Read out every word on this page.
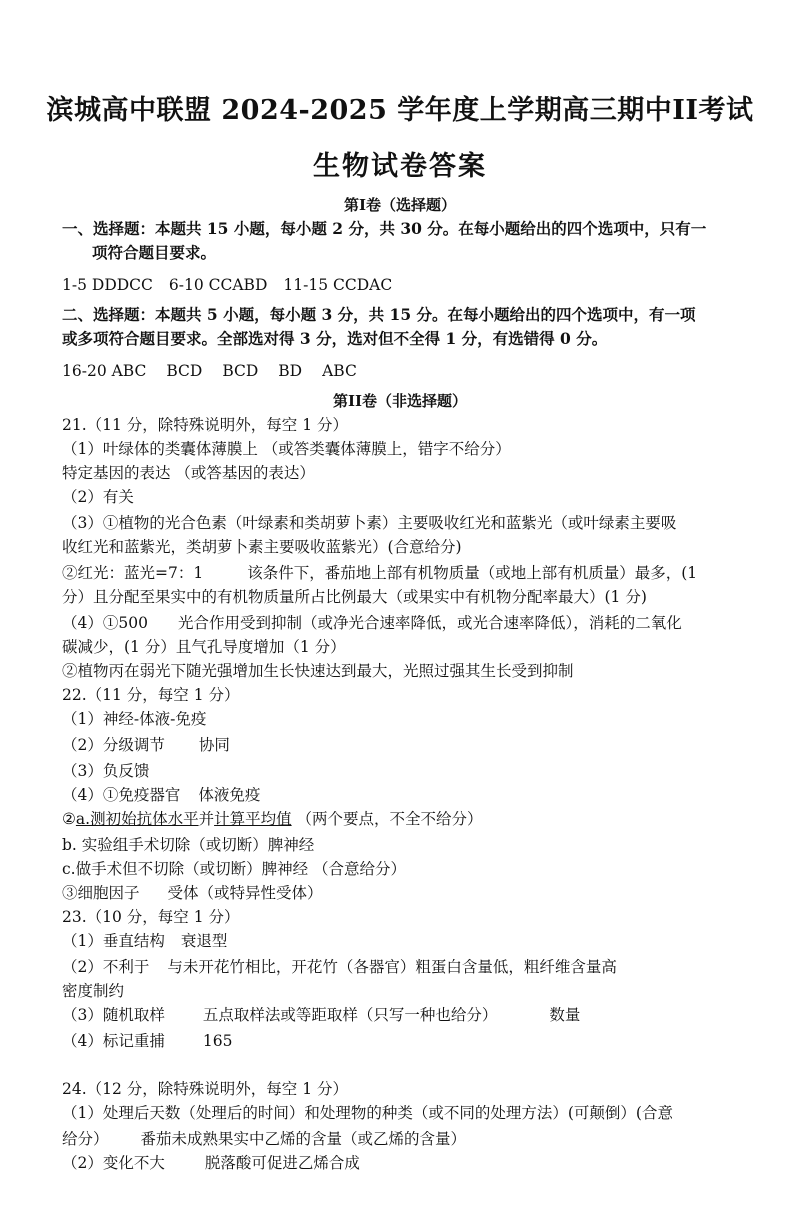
滨城高中联盟 2024-2025 学年度上学期高三期中II考试
生物试卷答案
第I卷（选择题）
一、选择题：本题共 15 小题，每小题 2 分，共 30 分。在每小题给出的四个选项中，只有一
项符合题目要求。
1-5 DDDCC 6-10 CCABD 11-15 CCDAC
二、选择题：本题共 5 小题，每小题 3 分，共 15 分。在每小题给出的四个选项中，有一项
或多项符合题目要求。全部选对得 3 分，选对但不全得 1 分，有选错得 0 分。
16-20 ABC BCD BCD BD ABC
第II卷（非选择题）
21.（11 分，除特殊说明外，每空 1 分）
（1）叶绿体的类囊体薄膜上 （或答类囊体薄膜上，错字不给分）
特定基因的表达 （或答基因的表达）
（2）有关
（3）①植物的光合色素（叶绿素和类胡萝卜素）主要吸收红光和蓝紫光（或叶绿素主要吸
收红光和蓝紫光，类胡萝卜素主要吸收蓝紫光）(合意给分)
②红光：蓝光=7：1	该条件下，番茄地上部有机物质量（或地上部有机质量）最多，(1
分）且分配至果实中的有机物质量所占比例最大（或果实中有机物分配率最大）(1 分)
（4）①500 光合作用受到抑制（或净光合速率降低，或光合速率降低），消耗的二氧化
碳减少，(1 分）且气孔导度增加（1 分）
②植物丙在弱光下随光强增加生长快速达到最大，光照过强其生长受到抑制
22.（11 分，每空 1 分）
（1）神经-体液-免疫
（2）分级调节 协同
（3）负反馈
（4）①免疫器官 体液免疫
②a.测初始抗体水平并计算平均值 （两个要点，不全不给分）
b. 实验组手术切除（或切断）脾神经
c.做手术但不切除（或切断）脾神经 （合意给分）
③细胞因子 受体（或特异性受体）
23.（10 分，每空 1 分）
（1）垂直结构 衰退型
（2）不利于 与未开花竹相比，开花竹（各器官）粗蛋白含量低，粗纤维含量高
密度制约
（3）随机取样 五点取样法或等距取样（只写一种也给分）	数量
（4）标记重捕 165
24.（12 分，除特殊说明外，每空 1 分）
（1）处理后天数（处理后的时间）和处理物的种类（或不同的处理方法）(可颠倒）(合意
给分） 番茄未成熟果实中乙烯的含量（或乙烯的含量）
（2）变化不大	脱落酸可促进乙烯合成
